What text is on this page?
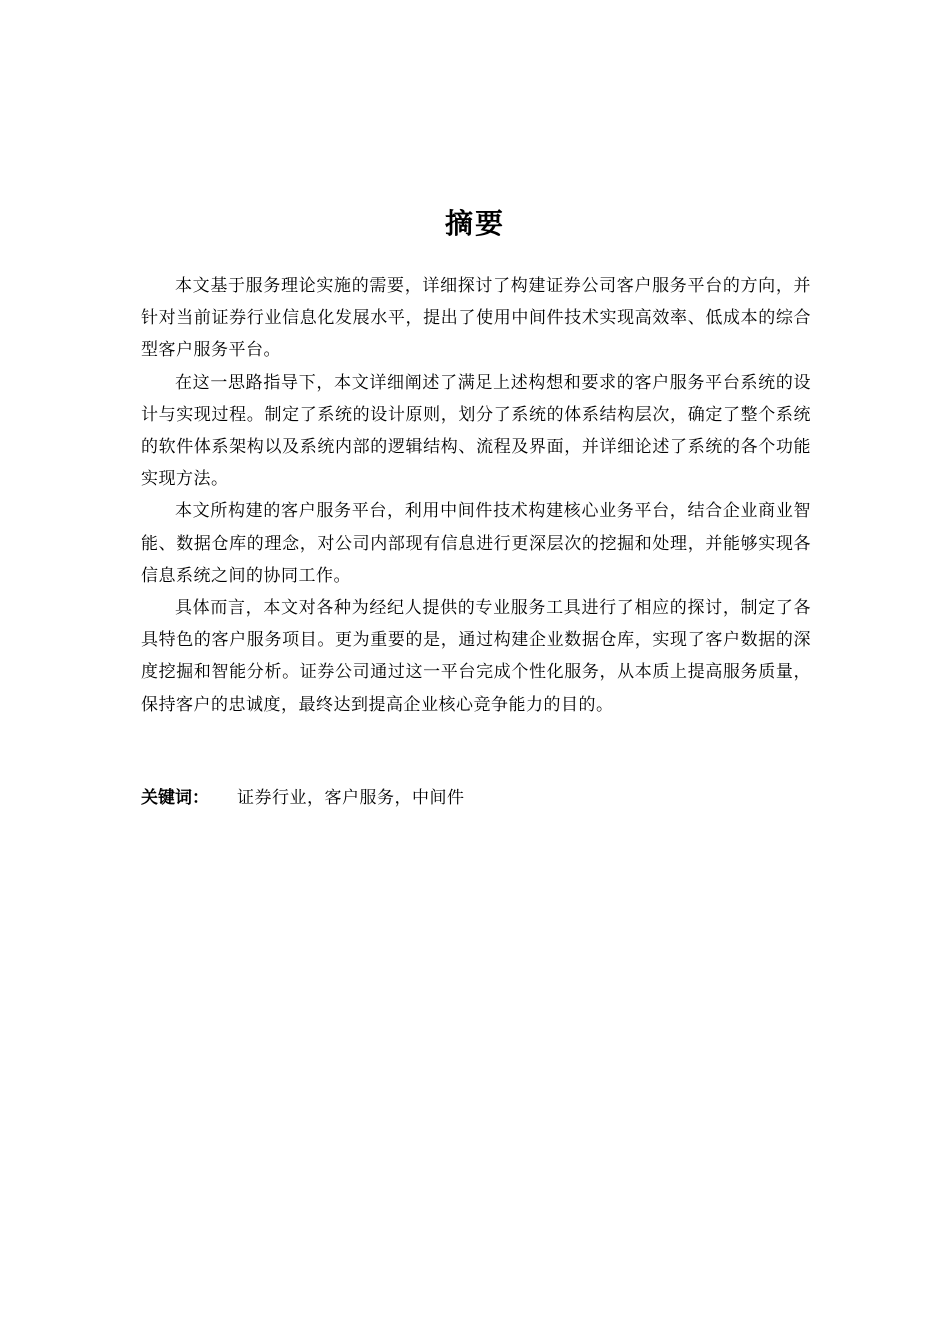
摘要

本文基于服务理论实施的需要，详细探讨了构建证券公司客户服务平台的方向，并针对当前证券行业信息化发展水平，提出了使用中间件技术实现高效率、低成本的综合型客户服务平台。

在这一思路指导下，本文详细阐述了满足上述构想和要求的客户服务平台系统的设计与实现过程。制定了系统的设计原则，划分了系统的体系结构层次，确定了整个系统的软件体系架构以及系统内部的逻辑结构、流程及界面，并详细论述了系统的各个功能实现方法。

本文所构建的客户服务平台，利用中间件技术构建核心业务平台，结合企业商业智能、数据仓库的理念，对公司内部现有信息进行更深层次的挖掘和处理，并能够实现各信息系统之间的协同工作。

具体而言，本文对各种为经纪人提供的专业服务工具进行了相应的探讨，制定了各具特色的客户服务项目。更为重要的是，通过构建企业数据仓库，实现了客户数据的深度挖掘和智能分析。证券公司通过这一平台完成个性化服务，从本质上提高服务质量，保持客户的忠诚度，最终达到提高企业核心竞争能力的目的。

关键词： 证券行业，客户服务，中间件
